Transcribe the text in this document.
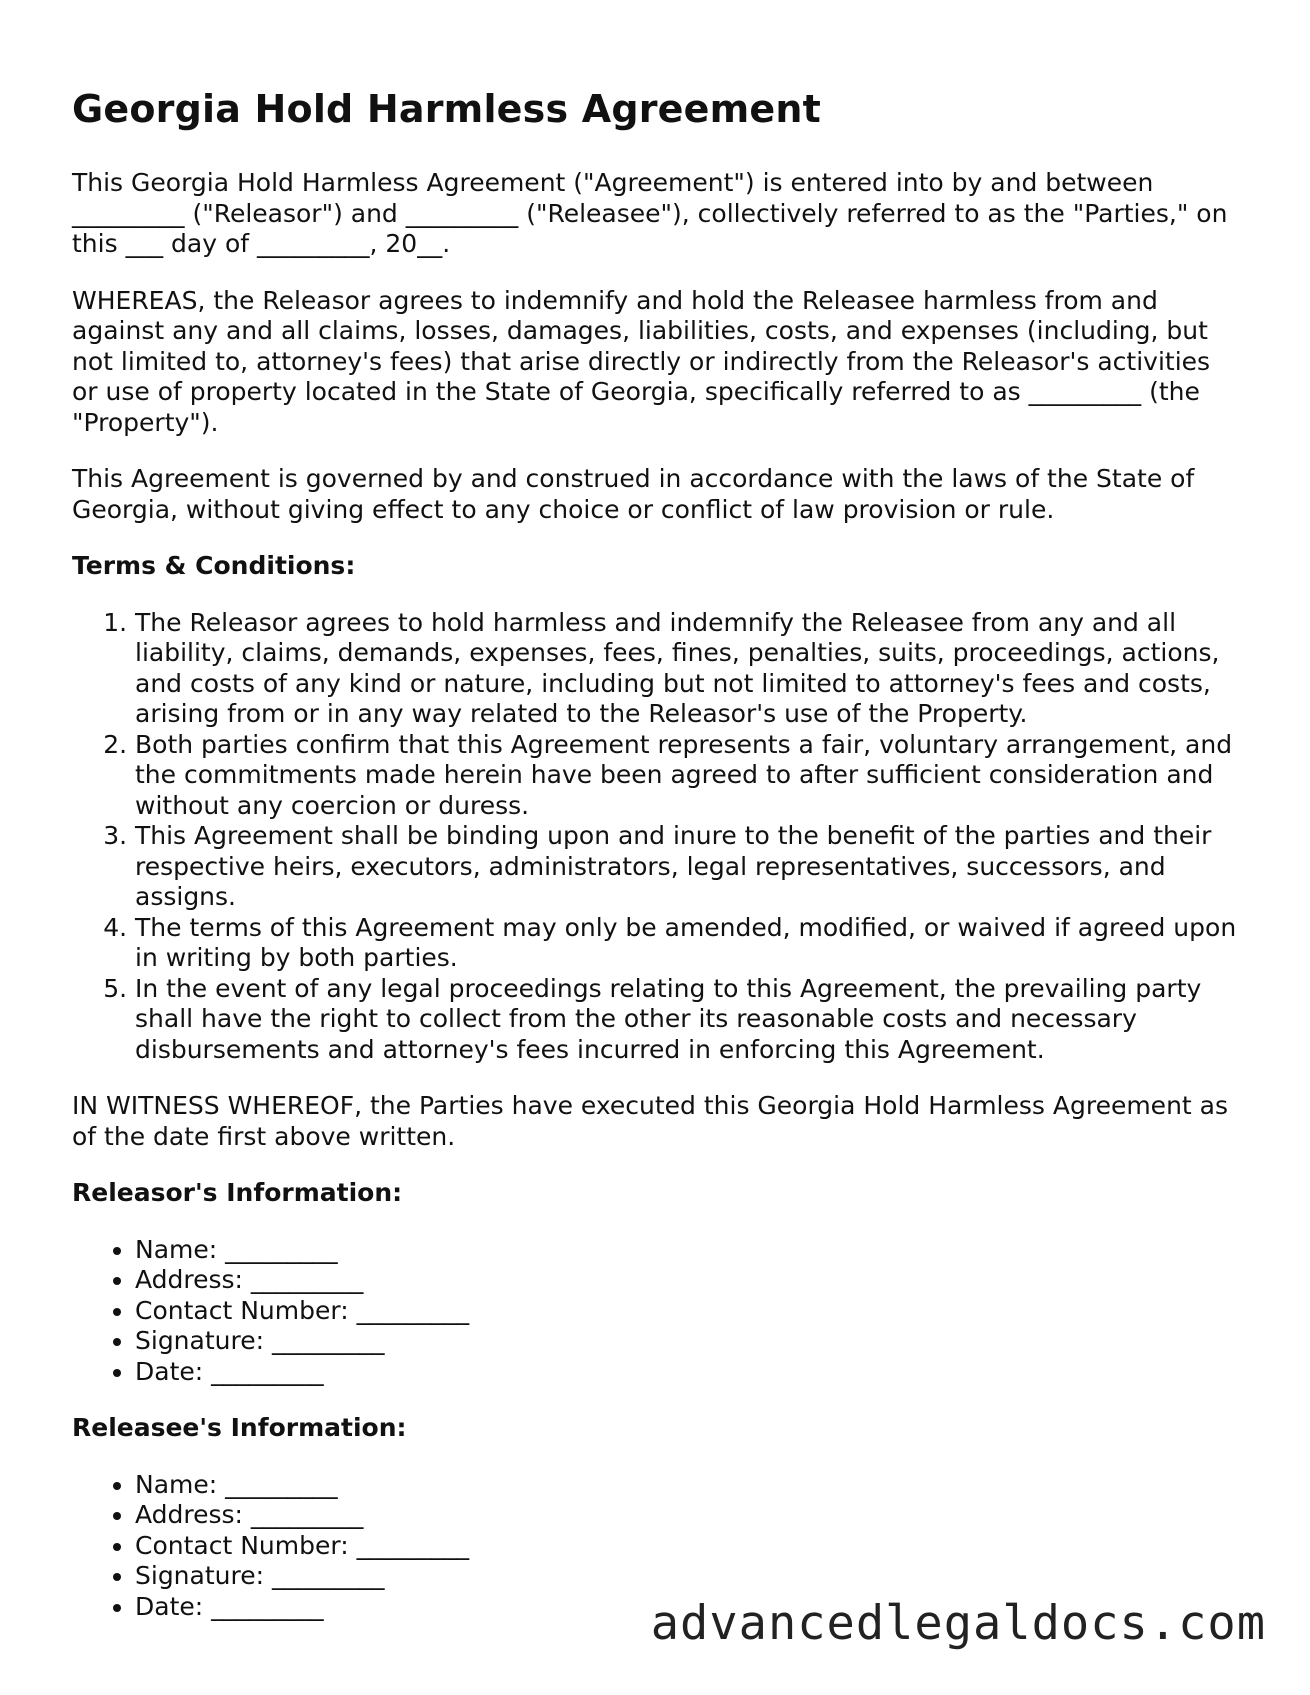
Georgia Hold Harmless Agreement

This Georgia Hold Harmless Agreement ("Agreement") is entered into by and between _________ ("Releasor") and _________ ("Releasee"), collectively referred to as the "Parties," on this ___ day of _________, 20__.

WHEREAS, the Releasor agrees to indemnify and hold the Releasee harmless from and against any and all claims, losses, damages, liabilities, costs, and expenses (including, but not limited to, attorney's fees) that arise directly or indirectly from the Releasor's activities or use of property located in the State of Georgia, specifically referred to as _________ (the "Property").

This Agreement is governed by and construed in accordance with the laws of the State of Georgia, without giving effect to any choice or conflict of law provision or rule.

Terms & Conditions:
1. The Releasor agrees to hold harmless and indemnify the Releasee from any and all liability, claims, demands, expenses, fees, fines, penalties, suits, proceedings, actions, and costs of any kind or nature, including but not limited to attorney's fees and costs, arising from or in any way related to the Releasor's use of the Property.
2. Both parties confirm that this Agreement represents a fair, voluntary arrangement, and the commitments made herein have been agreed to after sufficient consideration and without any coercion or duress.
3. This Agreement shall be binding upon and inure to the benefit of the parties and their respective heirs, executors, administrators, legal representatives, successors, and assigns.
4. The terms of this Agreement may only be amended, modified, or waived if agreed upon in writing by both parties.
5. In the event of any legal proceedings relating to this Agreement, the prevailing party shall have the right to collect from the other its reasonable costs and necessary disbursements and attorney's fees incurred in enforcing this Agreement.

IN WITNESS WHEREOF, the Parties have executed this Georgia Hold Harmless Agreement as of the date first above written.

Releasor's Information:
• Name: _________
• Address: _________
• Contact Number: _________
• Signature: _________
• Date: _________
Releasee's Information:
• Name: _________
• Address: _________
• Contact Number: _________
• Signature: _________
• Date: _________	advancedlegaldocs.com
